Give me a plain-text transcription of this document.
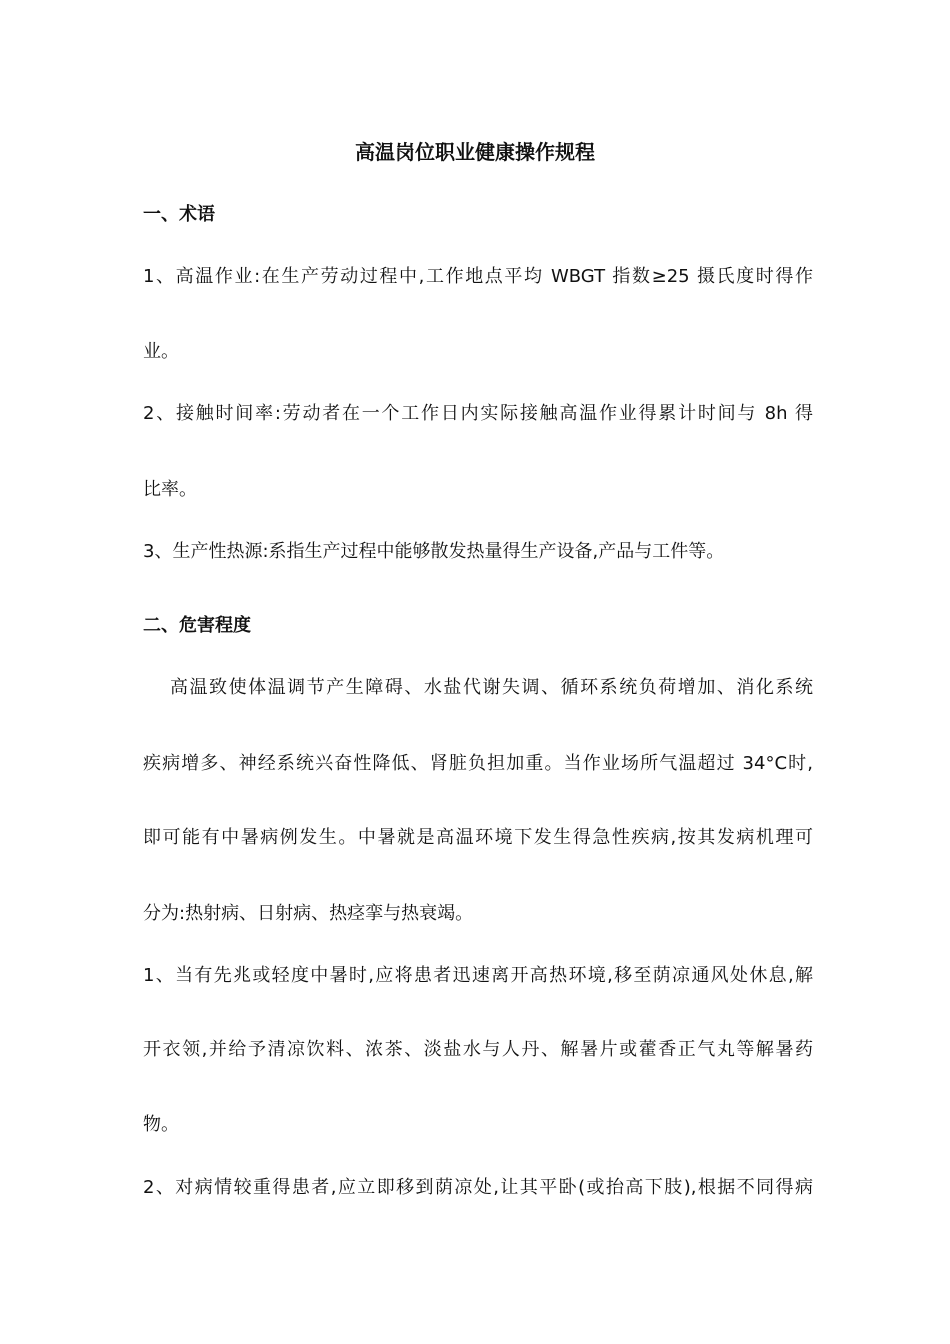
高温岗位职业健康操作规程
一、术语
1、高温作业:在生产劳动过程中,工作地点平均 WBGT 指数≥25 摄氏度时得作
业。
2、接触时间率:劳动者在一个工作日内实际接触高温作业得累计时间与 8h 得
比率。
3、生产性热源:系指生产过程中能够散发热量得生产设备,产品与工件等。
二、危害程度
高温致使体温调节产生障碍、水盐代谢失调、循环系统负荷增加、消化系统
疾病增多、神经系统兴奋性降低、肾脏负担加重。当作业场所气温超过 34°C时,
即可能有中暑病例发生。中暑就是高温环境下发生得急性疾病,按其发病机理可
分为:热射病、日射病、热痉挛与热衰竭。
1、当有先兆或轻度中暑时,应将患者迅速离开高热环境,移至荫凉通风处休息,解
开衣领,并给予清凉饮料、浓茶、淡盐水与人丹、解暑片或藿香正气丸等解暑药
物。
2、对病情较重得患者,应立即移到荫凉处,让其平卧(或抬高下肢),根据不同得病
